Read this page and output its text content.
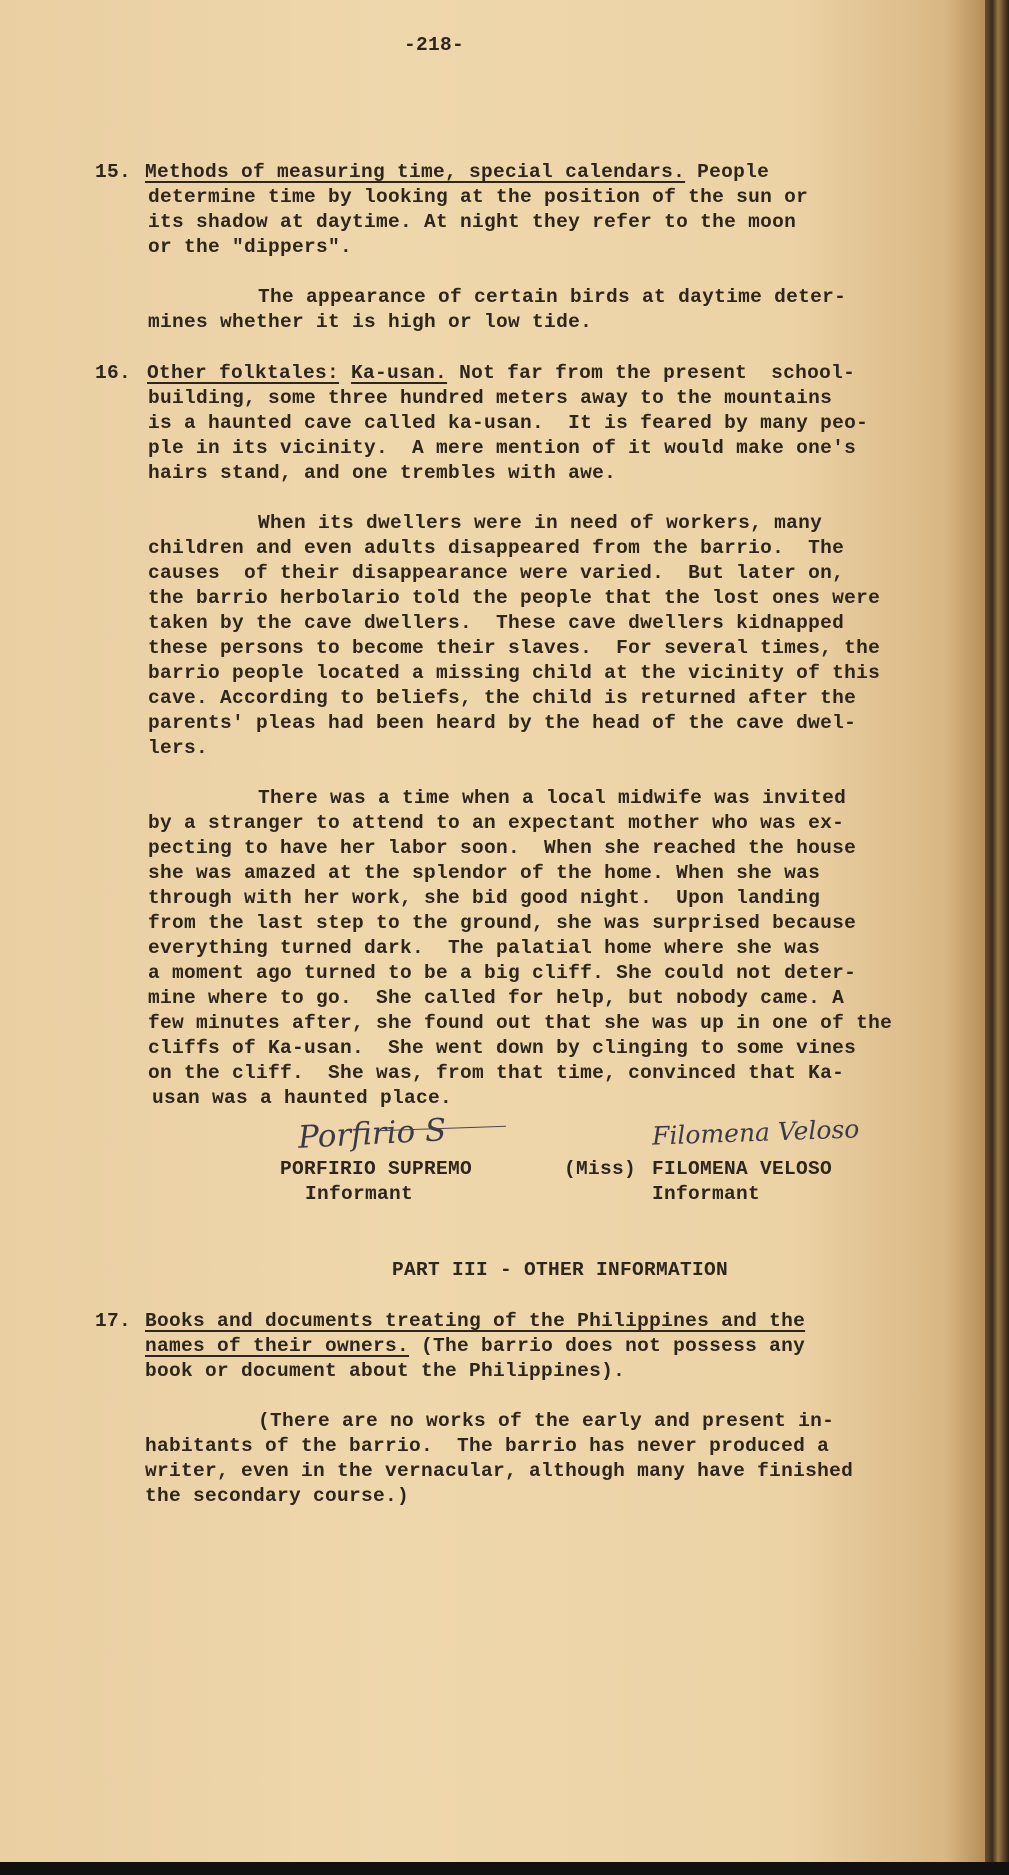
-218-
15. Methods of measuring time, special calendars. People
determine time by looking at the position of the sun or
its shadow at daytime. At night they refer to the moon
or the "dippers".
The appearance of certain birds at daytime deter-
mines whether it is high or low tide.
16. Other folktales: Ka-usan. Not far from the present  school-
building, some three hundred meters away to the mountains
is a haunted cave called ka-usan.  It is feared by many peo-
ple in its vicinity.  A mere mention of it would make one's
hairs stand, and one trembles with awe.
When its dwellers were in need of workers, many
children and even adults disappeared from the barrio.  The
causes  of their disappearance were varied.  But later on,
the barrio herbolario told the people that the lost ones were
taken by the cave dwellers.  These cave dwellers kidnapped
these persons to become their slaves.  For several times, the
barrio people located a missing child at the vicinity of this
cave. According to beliefs, the child is returned after the
parents' pleas had been heard by the head of the cave dwel-
lers.
There was a time when a local midwife was invited
by a stranger to attend to an expectant mother who was ex-
pecting to have her labor soon.  When she reached the house
she was amazed at the splendor of the home. When she was
through with her work, she bid good night.  Upon landing
from the last step to the ground, she was surprised because
everything turned dark.  The palatial home where she was
a moment ago turned to be a big cliff. She could not deter-
mine where to go.  She called for help, but nobody came. A
few minutes after, she found out that she was up in one of the
cliffs of Ka-usan.  She went down by clinging to some vines
on the cliff.  She was, from that time, convinced that Ka-
usan was a haunted place.
Porfirio S
PORFIRIO SUPREMO
Informant
Filomena Veloso
(Miss) FILOMENA VELOSO
Informant
PART III - OTHER INFORMATION
17. Books and documents treating of the Philippines and the
names of their owners. (The barrio does not possess any
book or document about the Philippines).
(There are no works of the early and present in-
habitants of the barrio.  The barrio has never produced a
writer, even in the vernacular, although many have finished
the secondary course.)
